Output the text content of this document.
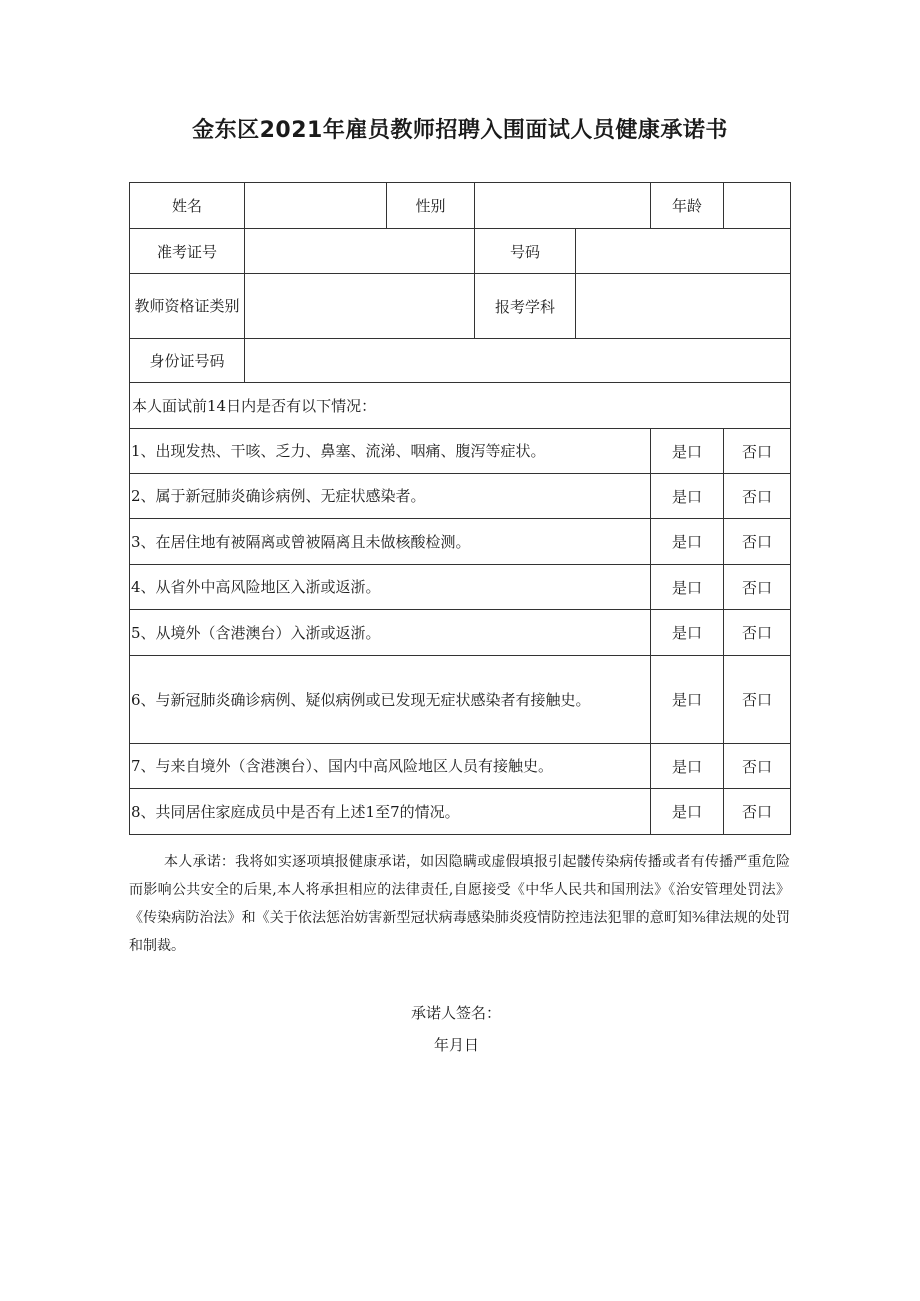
金东区2021年雇员教师招聘入围面试人员健康承诺书
姓名		性别			年龄	
准考证号			号码			
教师资格证类别			报考学科			
身份证号码						
本人面试前14日内是否有以下情况：						
1、出现发热、干咳、乏力、鼻塞、流涕、咽痛、腹泻等症状。					是口	否口
2、属于新冠肺炎确诊病例、无症状感染者。					是口	否口
3、在居住地有被隔离或曾被隔离且未做核酸检测。					是口	否口
4、从省外中高风险地区入浙或返浙。					是口	否口
5、从境外（含港澳台）入浙或返浙。					是口	否口
6、与新冠肺炎确诊病例、疑似病例或已发现无症状感染者有接触史。					是口	否口
7、与来自境外（含港澳台）、国内中高风险地区人员有接触史。					是口	否口
8、共同居住家庭成员中是否有上述1至7的情况。					是口	否口
本人承诺：我将如实逐项填报健康承诺，如因隐瞒或虚假填报引起髅传染病传播或者有传播严重危险而影响公共安全的后果,本人将承担相应的法律责任,自愿接受《中华人民共和国刑法》《治安管理处罚法》《传染病防治法》和《关于依法惩治妨害新型冠状病毒感染肺炎疫情防控违法犯罪的意町知⅜律法规的处罚和制裁。
承诺人签名：
年月日
